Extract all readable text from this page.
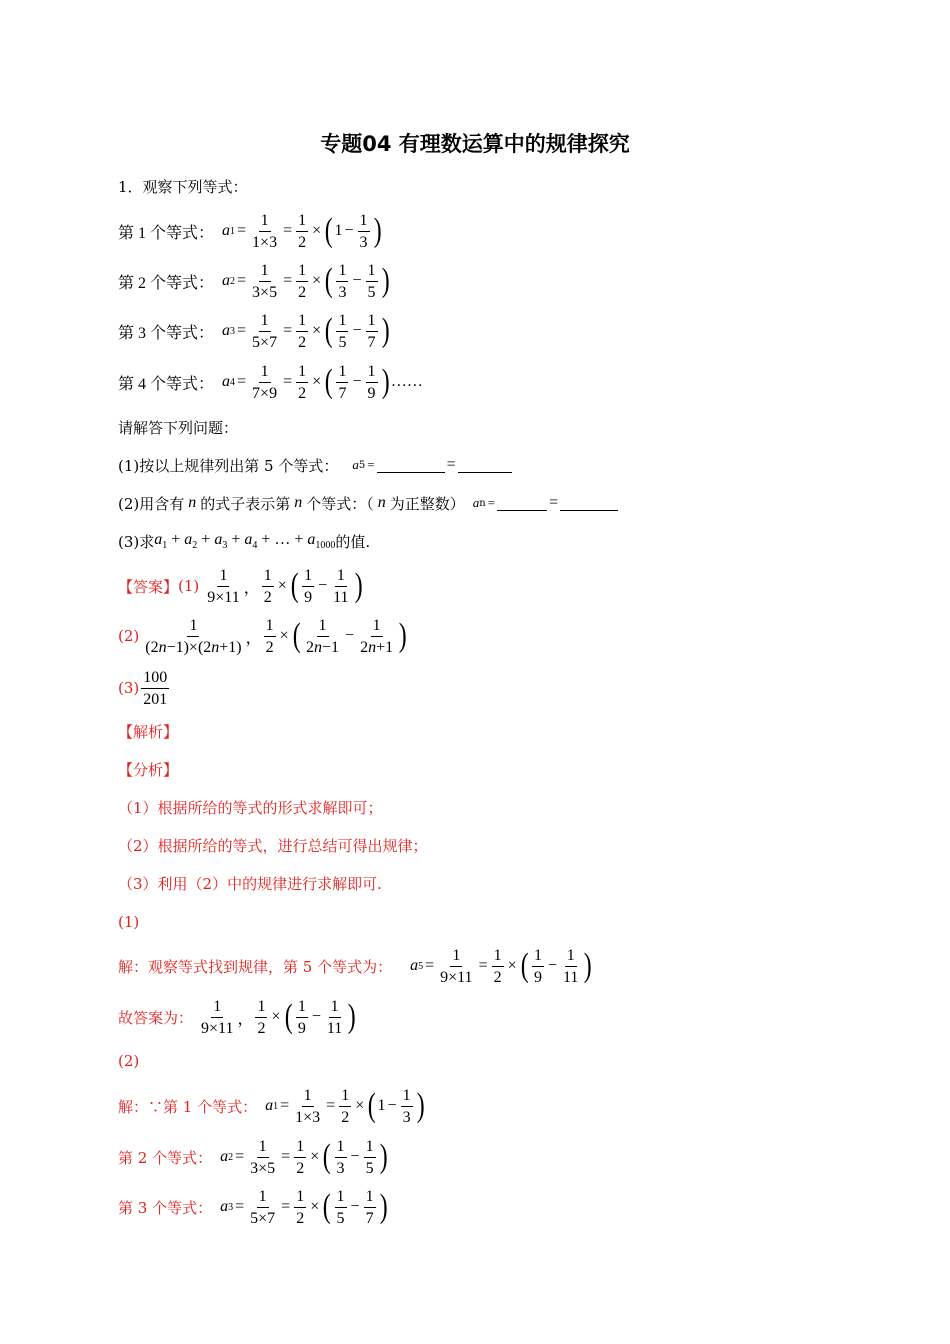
专题04 有理数运算中的规律探究
1．观察下列等式：
第 1 个等式： a $1 = \frac{1}{1\times 3} = \frac{1}{2}$ × ( $1 - \frac{1}{3}$ )
第 2 个等式： a $2 = \frac{1}{3\times 5} = \frac{1}{2}$ × ( $\frac{1}{3} - \frac{1}{5}$ )
第 3 个等式： a $3 = \frac{1}{5\times 7} = \frac{1}{2}$ × ( $\frac{1}{5} - \frac{1}{7}$ )
第 4 个等式： a $4 = \frac{1}{7\times 9} = \frac{1}{2}$ × ( $\frac{1}{7} - \frac{1}{9}$ ) ……
请解答下列问题：
(1)按以上规律列出第 5 个等式： a 5 =	=
(2)用含有 n 的式子表示第 n 个等式：（ n 为正整数） a n =	=
(3)求 $a_1 + a_2 + a_3 + a_4$ + … + $a_{1000}$ 的值.
【答案】 $(1) \frac{1}{9\times 11}$ ， $\frac{1}{2}$ × ( $\frac{1}{9} - \frac{1}{11}$ )
$(2) \frac{1}{(2n-1)\times(2n+1)}$ ， $\frac{1}{2}$ × ( $\frac{1}{2n-1} - \frac{1}{2n+1}$ )
$(3) \frac{100}{201}$
【解析】
【分析】
（1）根据所给的等式的形式求解即可；
（2）根据所给的等式，进行总结可得出规律；
（3）利用（2）中的规律进行求解即可.
(1)
解：观察等式找到规律，第 5 个等式为： a $5 = \frac{1}{9\times 11} = \frac{1}{2}$ × ( $\frac{1}{9} - \frac{1}{11}$ )
故答案为： $\frac{1}{9\times 11}$ ， $\frac{1}{2}$ × ( $\frac{1}{9} - \frac{1}{11}$ )
(2)
解：∵第 1 个等式： a $1 = \frac{1}{1\times 3} = \frac{1}{2}$ × ( $1 - \frac{1}{3}$ )
第 2 个等式： a $2 = \frac{1}{3\times 5} = \frac{1}{2}$ × ( $\frac{1}{3} - \frac{1}{5}$ )
第 3 个等式： a $3 = \frac{1}{5\times 7} = \frac{1}{2}$ × ( $\frac{1}{5} - \frac{1}{7}$ )
